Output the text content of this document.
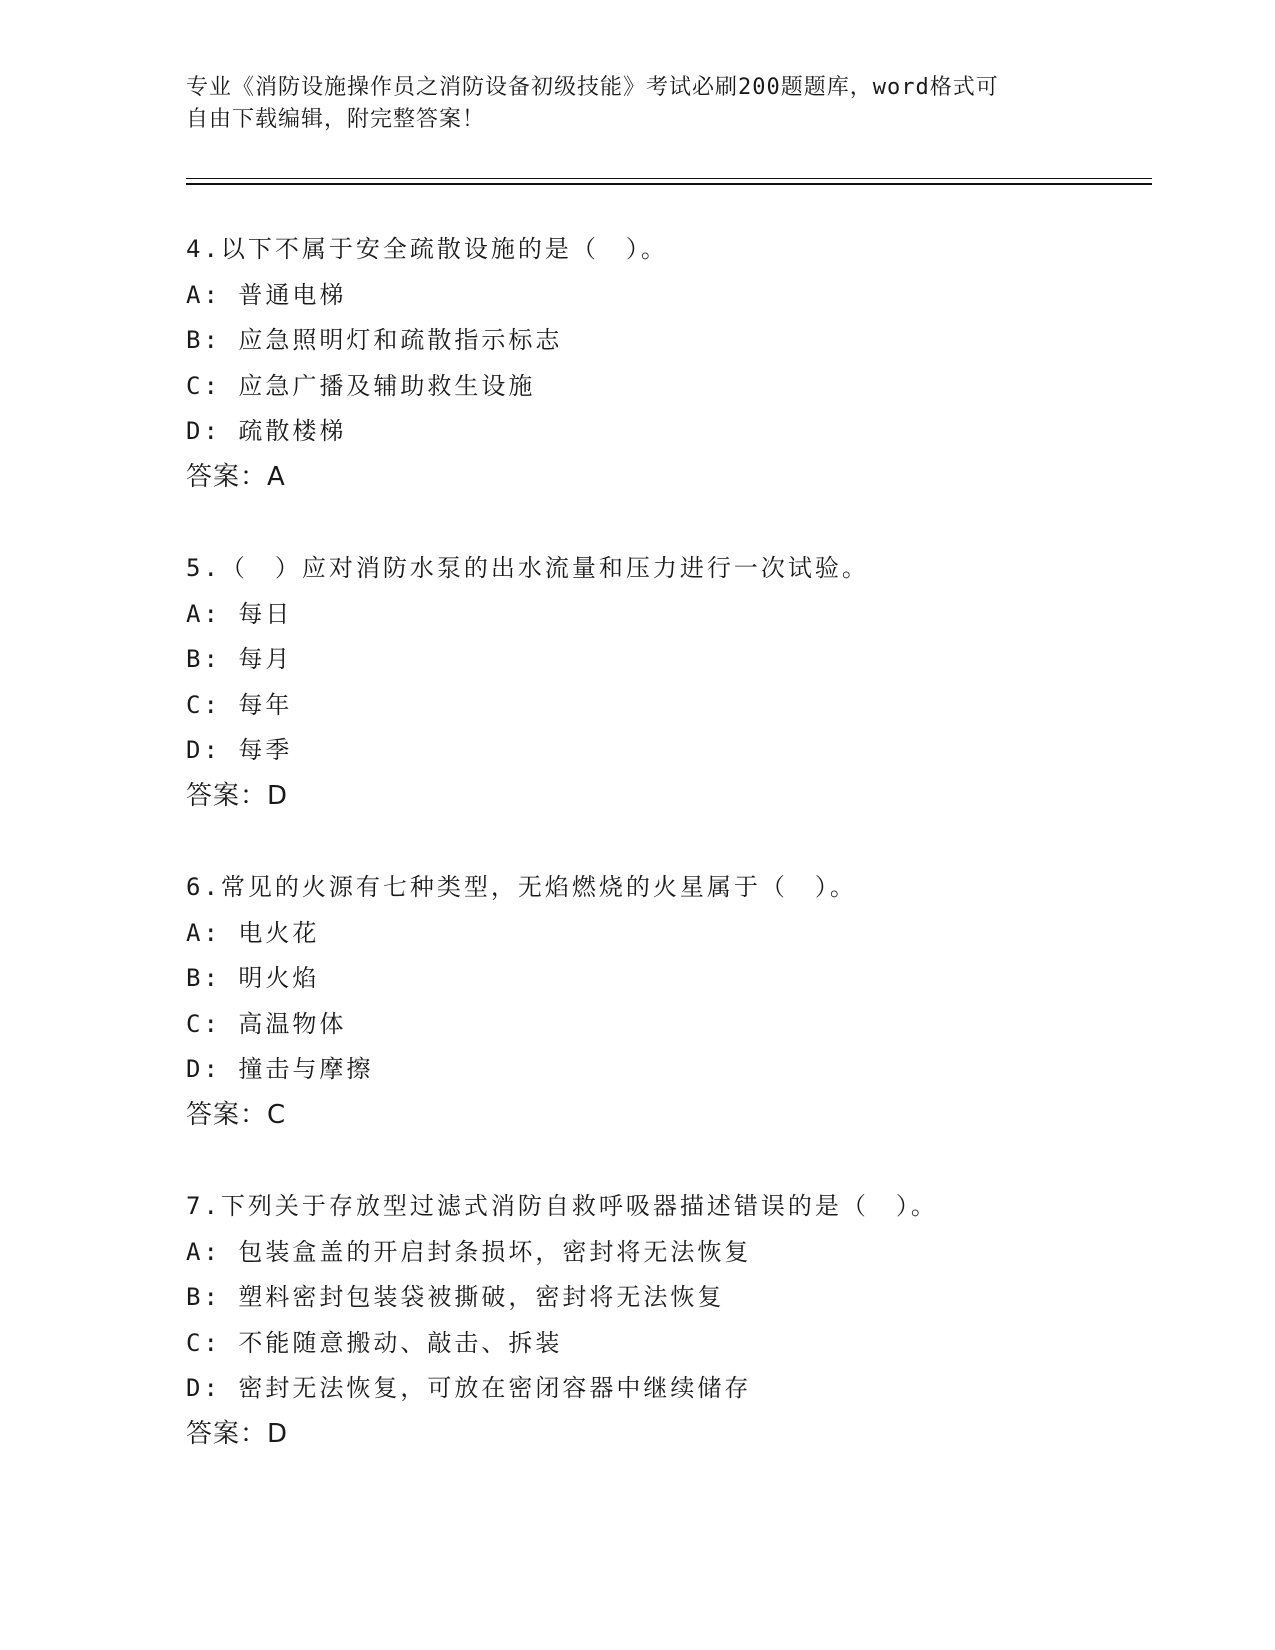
专业《消防设施操作员之消防设备初级技能》考试必刷200题题库，word格式可
自由下载编辑，附完整答案！
4.以下不属于安全疏散设施的是（　）。
A: 普通电梯
B: 应急照明灯和疏散指示标志
C: 应急广播及辅助救生设施
D: 疏散楼梯
答案：A
5.（　）应对消防水泵的出水流量和压力进行一次试验。
A: 每日
B: 每月
C: 每年
D: 每季
答案：D
6.常见的火源有七种类型，无焰燃烧的火星属于（　）。
A: 电火花
B: 明火焰
C: 高温物体
D: 撞击与摩擦
答案：C
7.下列关于存放型过滤式消防自救呼吸器描述错误的是（　）。
A: 包装盒盖的开启封条损坏，密封将无法恢复
B: 塑料密封包装袋被撕破，密封将无法恢复
C: 不能随意搬动、敲击、拆装
D: 密封无法恢复，可放在密闭容器中继续储存
答案：D
